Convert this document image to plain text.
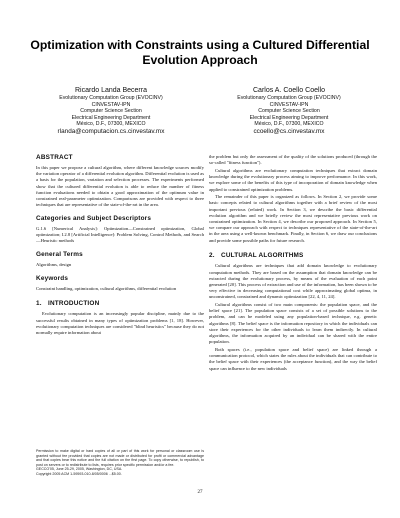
Optimization with Constraints using a Cultured Differential Evolution Approach
Ricardo Landa Becerra
Evolutionary Computation Group (EVOCINV)
CINVESTAV-IPN
Computer Science Section
Electrical Engineering Department
México, D.F., 07300, MEXICO
rlanda@computacion.cs.cinvestav.mx
Carlos A. Coello Coello
Evolutionary Computation Group (EVOCINV)
CINVESTAV-IPN
Computer Science Section
Electrical Engineering Department
México, D.F., 07300, MEXICO
ccoello@cs.cinvestav.mx
ABSTRACT
In this paper we propose a cultural algorithm, where different knowledge sources modify the variation operator of a differential evolution algorithm. Differential evolution is used as a basis for the population, variation and selection processes. The experiments performed show that the cultured differential evolution is able to reduce the number of fitness function evaluations needed to obtain a good approximation of the optimum value in constrained real-parameter optimization. Comparisons are provided with respect to three techniques that are representative of the state-of-the-art in the area.
Categories and Subject Descriptors
G.1.6 [Numerical Analysis]: Optimization—Constrained optimization, Global optimization; I.2.8 [Artificial Intelligence]: Problem Solving, Control Methods, and Search—Heuristic methods
General Terms
Algorithms, design
Keywords
Constraint handling, optimization, cultural algorithms, differential evolution
1. INTRODUCTION
Evolutionary computation is an increasingly popular discipline, mainly due to the successful results obtained in many types of optimization problems [1, 18]. However, evolutionary computation techniques are considered "blind heuristics" because they do not normally require information about
Permission to make digital or hard copies of all or part of this work for personal or classroom use is granted without fee provided that copies are not made or distributed for profit or commercial advantage and that copies bear this notice and the full citation on the first page. To copy otherwise, to republish, to post on servers or to redistribute to lists, requires prior specific permission and/or a fee.
GECCO'05, June 25-29, 2005, Washington, DC, USA.
Copyright 2005 ACM 1-59593-010-8/05/0006 ...$5.00.
the problem but only the assessment of the quality of the solutions produced (through the so-called "fitness function").
Cultural algorithms are evolutionary computation techniques that extract domain knowledge during the evolutionary process aiming to improve performance. In this work, we explore some of the benefits of this type of incorporation of domain knowledge when applied to constrained optimization problems.
The remainder of this paper is organized as follows. In Section 2, we provide some basic concepts related to cultural algorithms together with a brief review of the most important previous (related) work. In Section 3, we describe the basic differential evolution algorithm and we briefly review the most representative previous work on constrained optimization. In Section 4, we describe our proposed approach. In Section 5, we compare our approach with respect to techniques representative of the state-of-the-art in the area using a well-known benchmark. Finally, in Section 6, we draw our conclusions and provide some possible paths for future research.
2. CULTURAL ALGORITHMS
Cultural algorithms are techniques that add domain knowledge to evolutionary computation methods. They are based on the assumption that domain knowledge can be extracted during the evolutionary process, by means of the evaluation of each point generated [20]. This process of extraction and use of the information, has been shown to be very effective in decreasing computational cost while approximating global optima, in unconstrained, constrained and dynamic optimization [22, 4, 11, 24].
Cultural algorithms consist of two main components: the population space, and the belief space [21]. The population space consists of a set of possible solutions to the problem, and can be modeled using any population-based technique, e.g. genetic algorithms [8]. The belief space is the information repository in which the individuals can store their experiences for the other individuals to learn them indirectly. In cultural algorithms, the information acquired by an individual can be shared with the entire population.
Both spaces (i.e., population space and belief space) are linked through a communication protocol, which states the rules about the individuals that can contribute to the belief space with their experiences (the acceptance function), and the way the belief space can influence to the new individuals
27
